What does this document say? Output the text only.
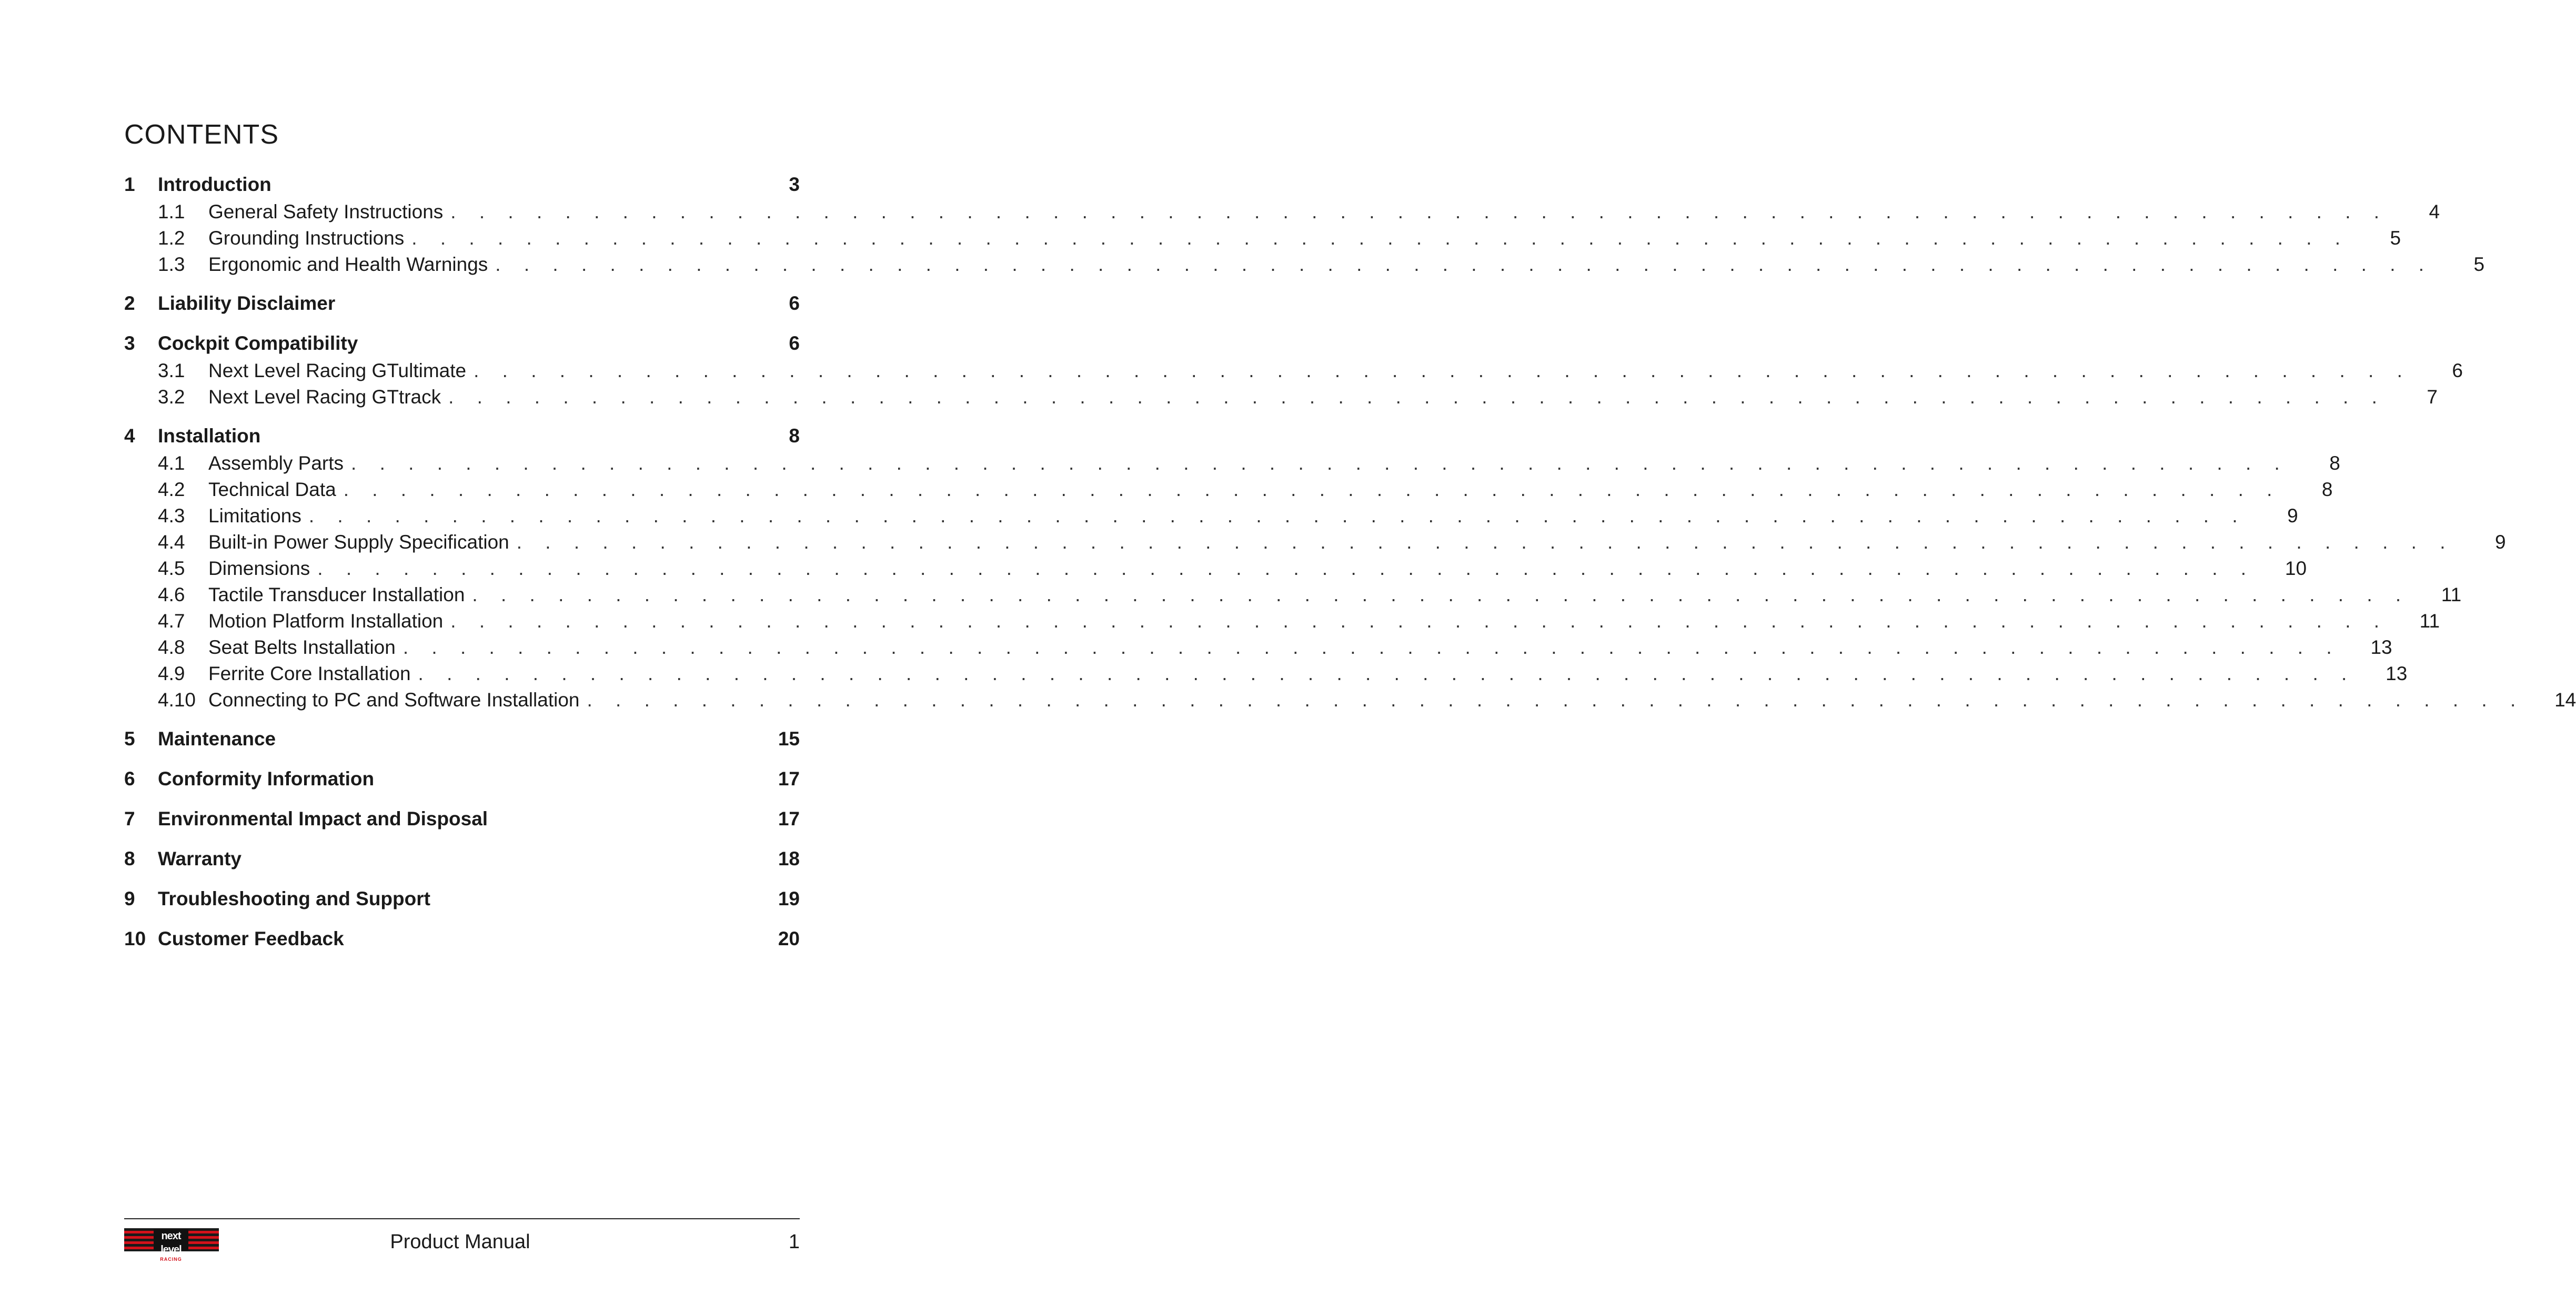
CONTENTS
1	Introduction	3
1.1	General Safety Instructions . . .	4
1.2	Grounding Instructions . . .	5
1.3	Ergonomic and Health Warnings . . .	5
2	Liability Disclaimer	6
3	Cockpit Compatibility	6
3.1	Next Level Racing GTultimate . . .	6
3.2	Next Level Racing GTtrack . . .	7
4	Installation	8
4.1	Assembly Parts . . .	8
4.2	Technical Data . . .	8
4.3	Limitations . . .	9
4.4	Built-in Power Supply Specification . . .	9
4.5	Dimensions . . .	10
4.6	Tactile Transducer Installation . . .	11
4.7	Motion Platform Installation . . .	11
4.8	Seat Belts Installation . . .	13
4.9	Ferrite Core Installation . . .	13
4.10 Connecting to PC and Software Installation . . .	14
5	Maintenance	15
6	Conformity Information	17
7	Environmental Impact and Disposal	17
8	Warranty	18
9	Troubleshooting and Support	19
10 Customer Feedback	20
next level
RACING
Product Manual	1
